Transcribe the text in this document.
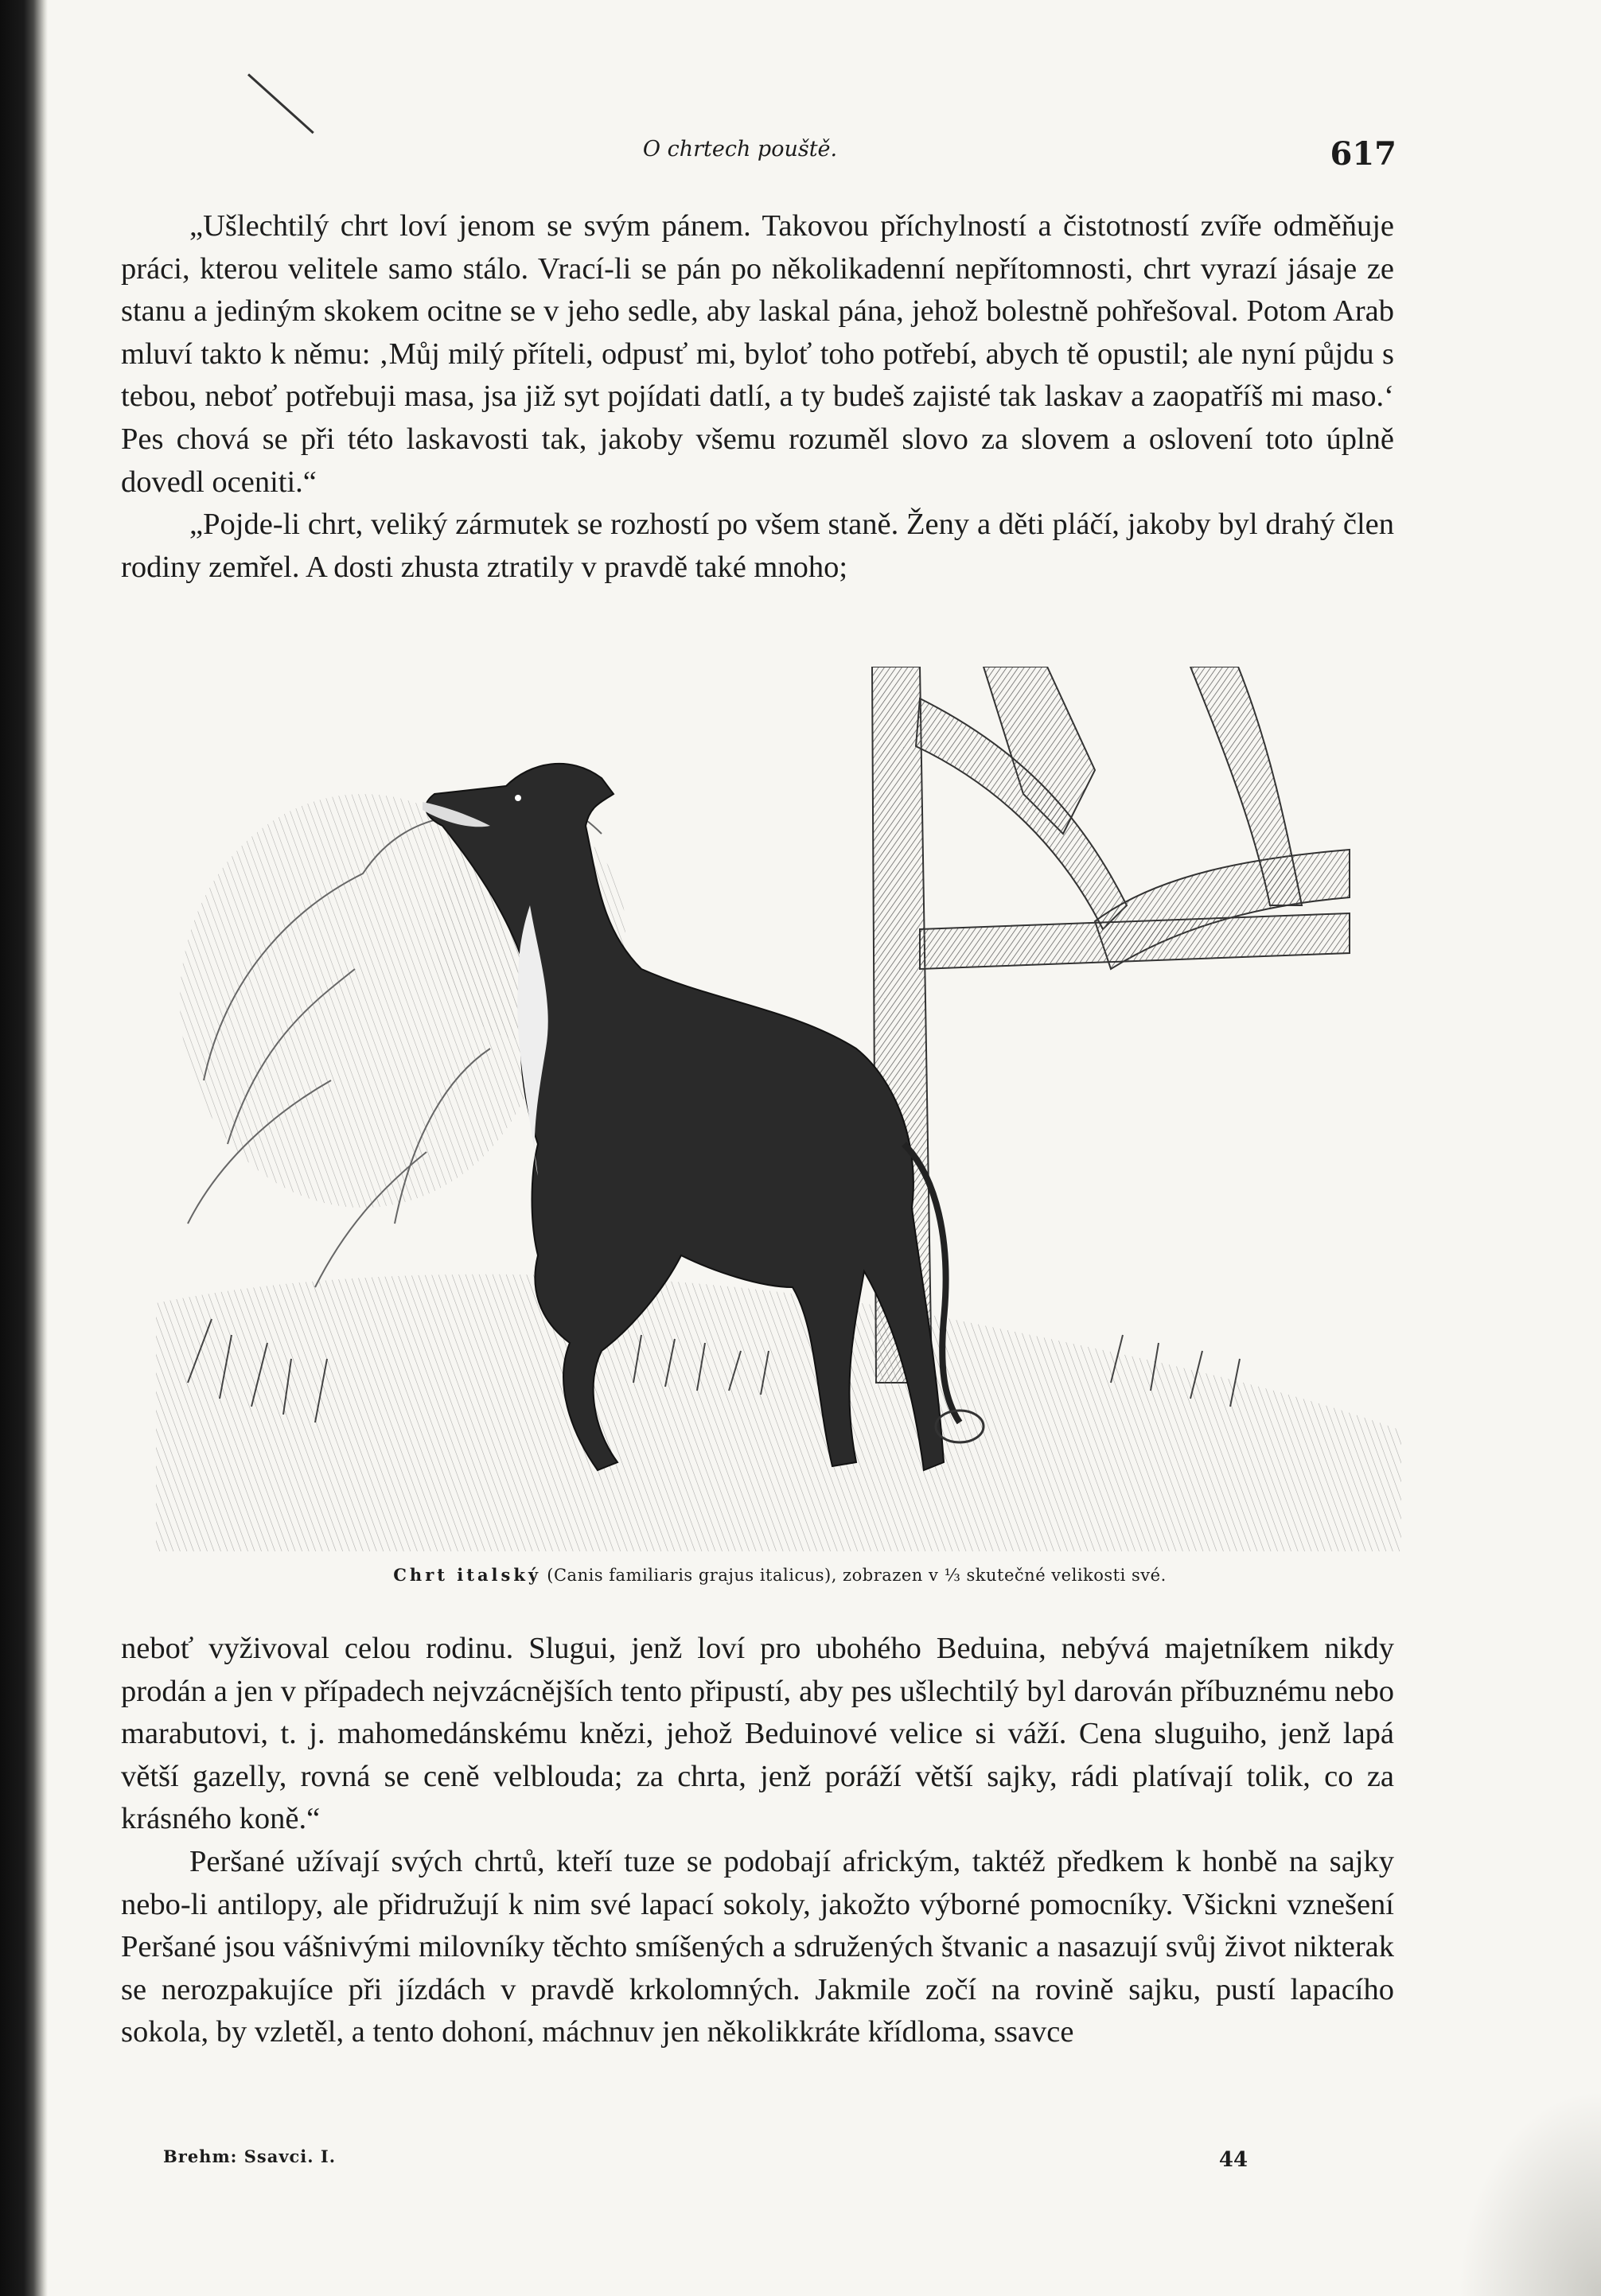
O chrtech pouště.	617

„Ušlechtilý chrt loví jenom se svým pánem. Takovou příchylností a čistotností zvíře odměňuje práci, kterou velitele samo stálo. Vrací-li se pán po několikadenní nepřítomnosti, chrt vyrazí jásaje ze stanu a jediným skokem ocitne se v jeho sedle, aby laskal pána, jehož bolestně pohřešoval. Potom Arab mluví takto k němu: ‚Můj milý příteli, odpusť mi, byloť toho potřebí, abych tě opustil; ale nyní půjdu s tebou, neboť potřebuji masa, jsa již syt pojídati datlí, a ty budeš zajisté tak laskav a zaopatříš mi maso.‘ Pes chová se při této laskavosti tak, jakoby všemu rozuměl slovo za slovem a oslovení toto úplně dovedl oceniti.“

„Pojde-li chrt, veliký zármutek se rozhostí po všem staně. Ženy a děti pláčí, jakoby byl drahý člen rodiny zemřel. A dosti zhusta ztratily v pravdě také mnoho;

Chrt italský (Canis familiaris grajus italicus), zobrazen v ⅓ skutečné velikosti své.

neboť vyživoval celou rodinu. Slugui, jenž loví pro ubohého Beduina, nebývá majetníkem nikdy prodán a jen v případech nejvzácnějších tento připustí, aby pes ušlechtilý byl darován příbuznému nebo marabutovi, t. j. mahomedánskému knězi, jehož Beduinové velice si váží. Cena sluguiho, jenž lapá větší gazelly, rovná se ceně velblouda; za chrta, jenž poráží větší sajky, rádi platívají tolik, co za krásného koně.“

Peršané užívají svých chrtů, kteří tuze se podobají africkým, taktéž předkem k honbě na sajky nebo-li antilopy, ale přidružují k nim své lapací sokoly, jakožto výborné pomocníky. Všickni vznešení Peršané jsou vášnivými milovníky těchto smíšených a sdružených štvanic a nasazují svůj život nikterak se nerozpakujíce při jízdách v pravdě krkolomných. Jakmile zočí na rovině sajku, pustí lapacího sokola, by vzletěl, a tento dohoní, máchnuv jen několikkráte křídloma, ssavce

Brehm: Ssavci. I.	44
